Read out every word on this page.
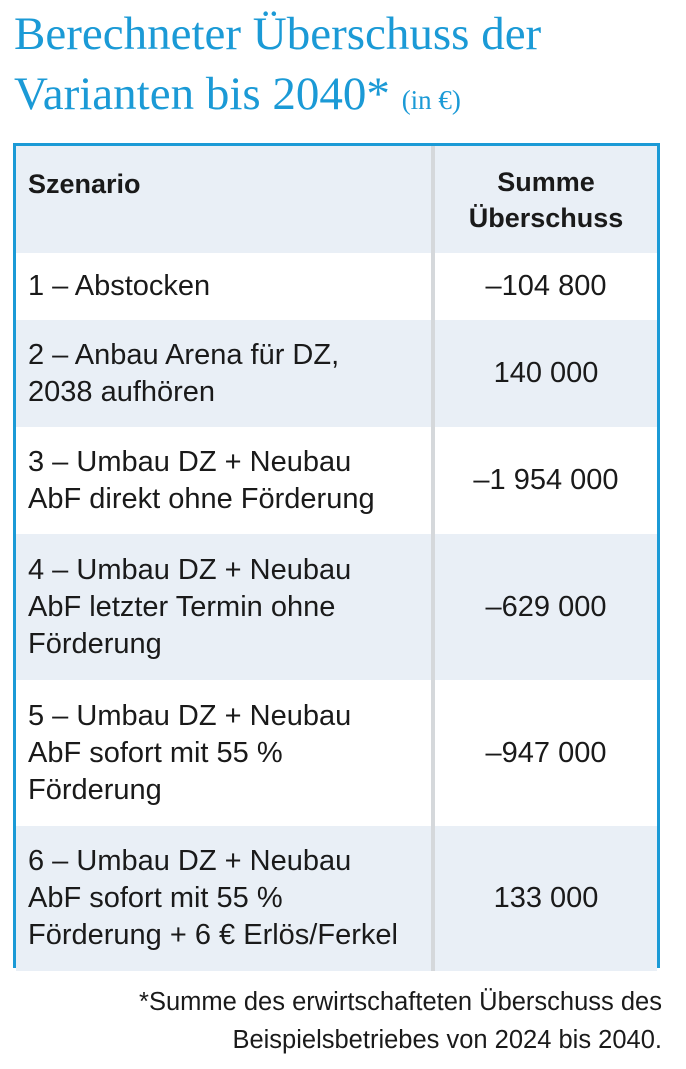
Berechneter Überschuss der
Varianten bis 2040* (in €)
Szenario	Summe
Überschuss
1 – Abstocken	–104 800
2 – Anbau Arena für DZ,
2038 aufhören	140 000
3 – Umbau DZ + Neubau
AbF direkt ohne Förderung	–1 954 000
4 – Umbau DZ + Neubau
AbF letzter Termin ohne
Förderung	–629 000
5 – Umbau DZ + Neubau
AbF sofort mit 55 %
Förderung	–947 000
6 – Umbau DZ + Neubau
AbF sofort mit 55 %
Förderung + 6 € Erlös/Ferkel	133 000

*Summe des erwirtschafteten Überschuss des
Beispielsbetriebes von 2024 bis 2040.
